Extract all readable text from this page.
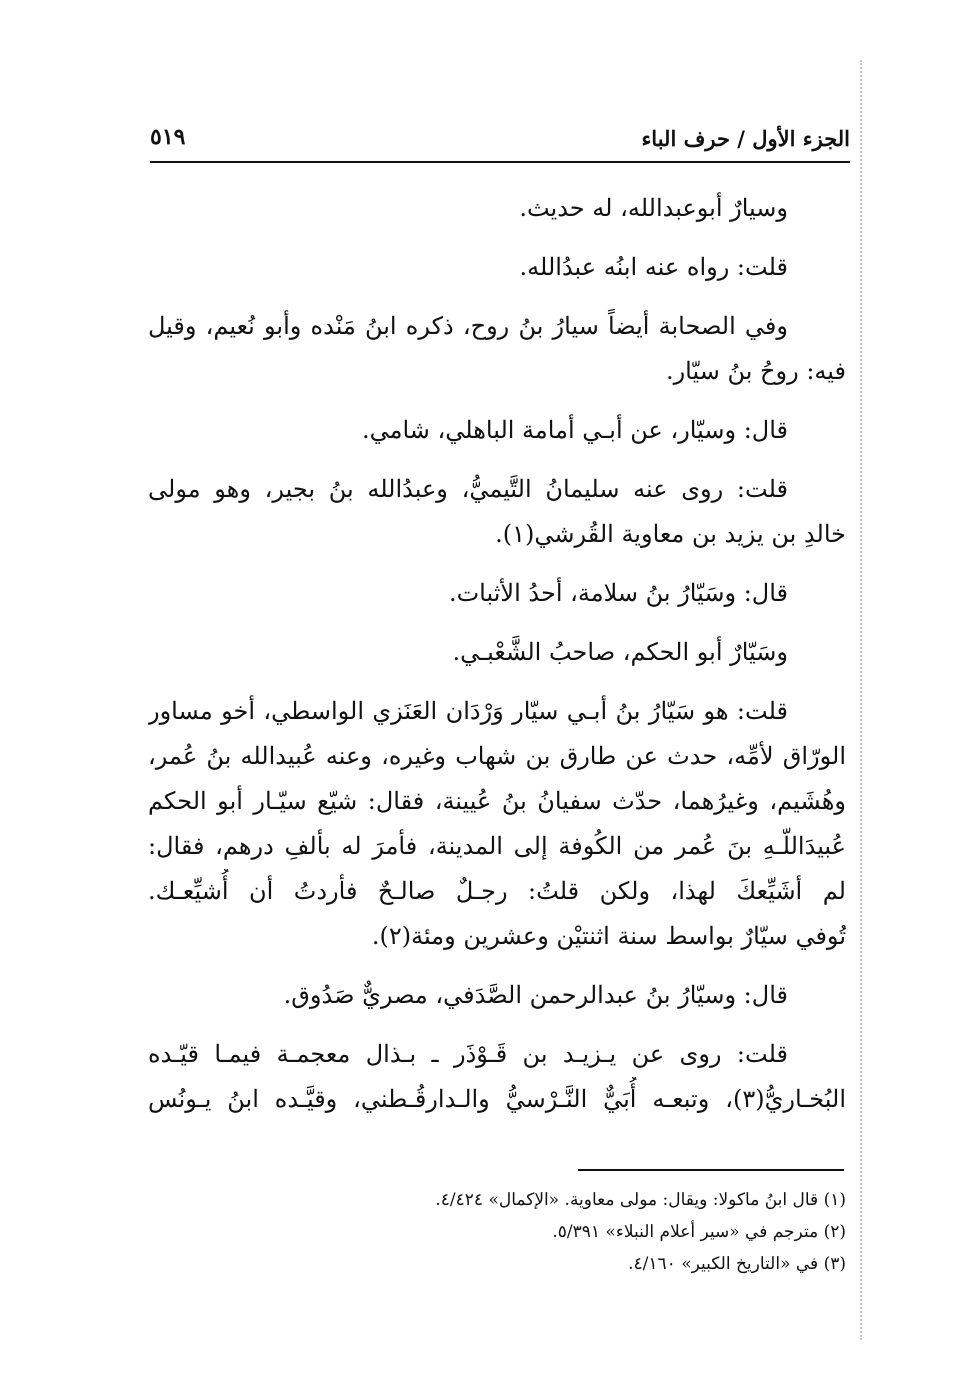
الجزء الأول / حرف الباء
٥١٩
وسيارٌ أبوعبدالله، له حديث.
قلت: رواه عنه ابنُه عبدُالله.
وفي الصحابة أيضاً سيارُ بنُ روح، ذكره ابنُ مَنْده وأبو نُعيم، وقيل
فيه: روحُ بنُ سيّار.
قال: وسيّار، عن أبـي أمامة الباهلي، شامي.
قلت: روى عنه سليمانُ التَّيميُّ، وعبدُالله بنُ بجير، وهو مولى
خالدِ بن يزيد بن معاوية القُرشي(١).
قال: وسَيّارُ بنُ سلامة، أحدُ الأثبات.
وسَيّارٌ أبو الحكم، صاحبُ الشَّعْبـي.
قلت: هو سَيّارُ بنُ أبـي سيّار وَرْدَان العَنَزي الواسطي، أخو مساور
الورّاق لأمِّه، حدث عن طارق بن شهاب وغيره، وعنه عُبيدالله بنُ عُمر،
وهُشَيم، وغيرُهما، حدّث سفيانُ بنُ عُيينة، فقال: شيّع سيّـار أبو الحكم
عُبيدَاللّـهِ بنَ عُمر من الكُوفة إلى المدينة، فأمرَ له بألفِ درهم، فقال:
لم أشَيِّعكَ لهذا، ولكن قلتُ: رجـلٌ صالـحٌ فأردتُ أن أُشيِّعـك.
تُوفي سيّارٌ بواسط سنة اثنتيْن وعشرين ومئة(٢).
قال: وسيّارُ بنُ عبدالرحمن الصَّدَفي، مصريٌّ صَدُوق.
قلت: روى عن يـزيـد بن قَـوْذَر ـ بـذال معجمـة فيمـا قيّـده
البُخـاريُّ(٣)، وتبعـه أُبَيٌّ النَّـرْسيُّ والـدارقُـطني، وقيَّـده ابنُ يـونُس
(١) قال ابنُ ماكولا: ويقال: مولى معاوية. «الإكمال» ٤/٤٢٤.
(٢) مترجم في «سير أعلام النبلاء» ٥/٣٩١.
(٣) في «التاريخ الكبير» ٤/١٦٠.
